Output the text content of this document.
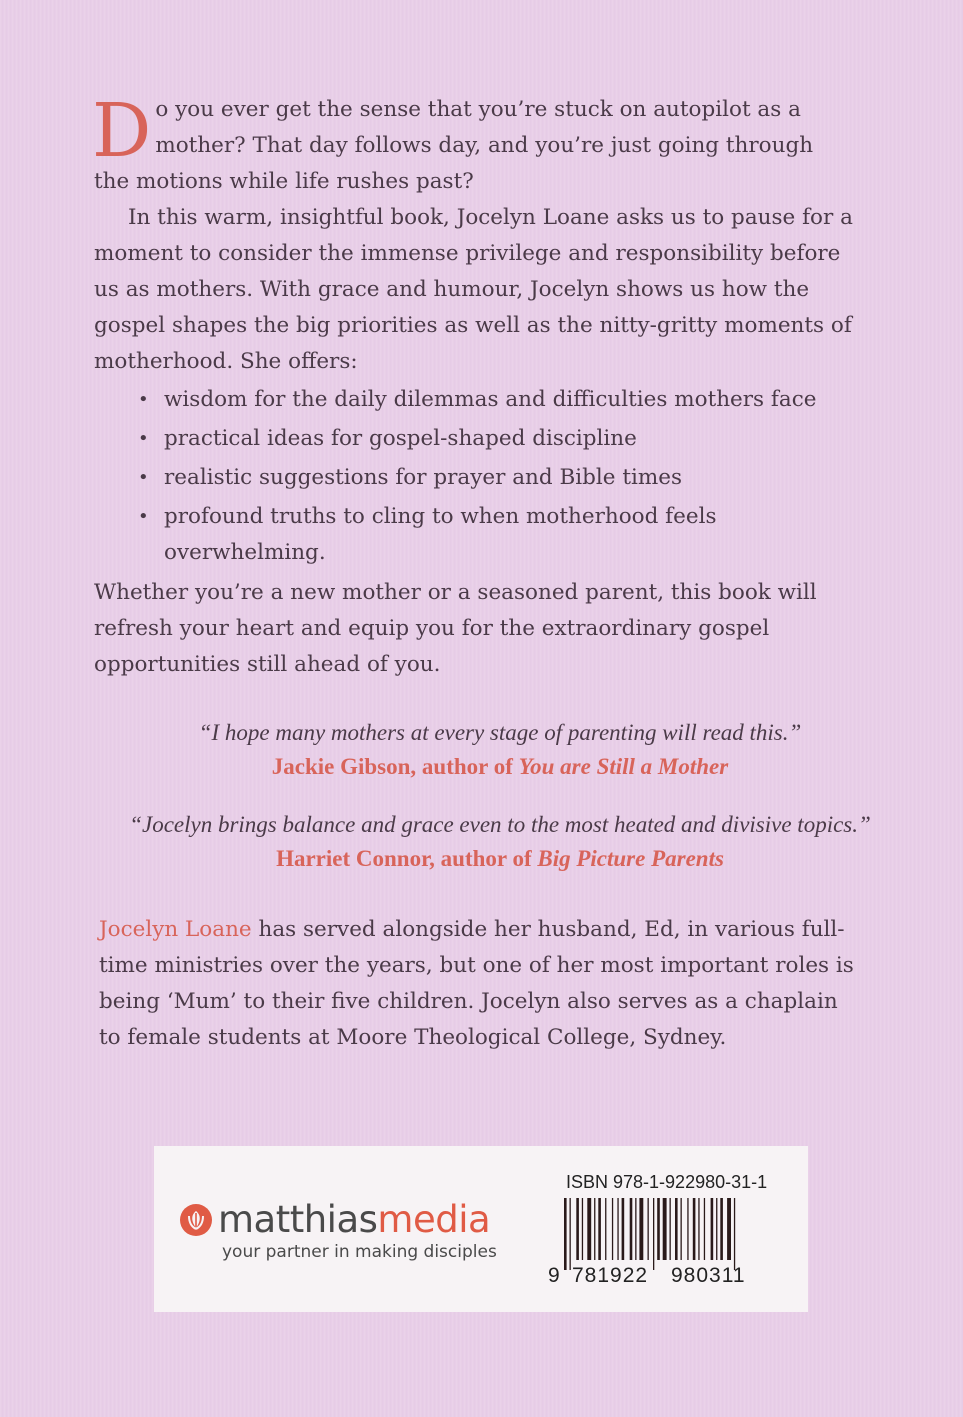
Do you ever get the sense that you’re stuck on autopilot as a mother? That day follows day, and you’re just going through the motions while life rushes past?

In this warm, insightful book, Jocelyn Loane asks us to pause for a moment to consider the immense privilege and responsibility before us as mothers. With grace and humour, Jocelyn shows us how the gospel shapes the big priorities as well as the nitty-gritty moments of motherhood. She offers:

• wisdom for the daily dilemmas and difficulties mothers face
• practical ideas for gospel-shaped discipline
• realistic suggestions for prayer and Bible times
• profound truths to cling to when motherhood feels overwhelming.

Whether you’re a new mother or a seasoned parent, this book will refresh your heart and equip you for the extraordinary gospel opportunities still ahead of you.

“I hope many mothers at every stage of parenting will read this.”
Jackie Gibson, author of You are Still a Mother
“Jocelyn brings balance and grace even to the most heated and divisive topics.”
Harriet Connor, author of Big Picture Parents

Jocelyn Loane has served alongside her husband, Ed, in various full-time ministries over the years, but one of her most important roles is being ‘Mum’ to their five children. Jocelyn also serves as a chaplain to female students at Moore Theological College, Sydney.

matthiasmedia
your partner in making disciples
ISBN 978-1-922980-31-1
9 781922 980311
